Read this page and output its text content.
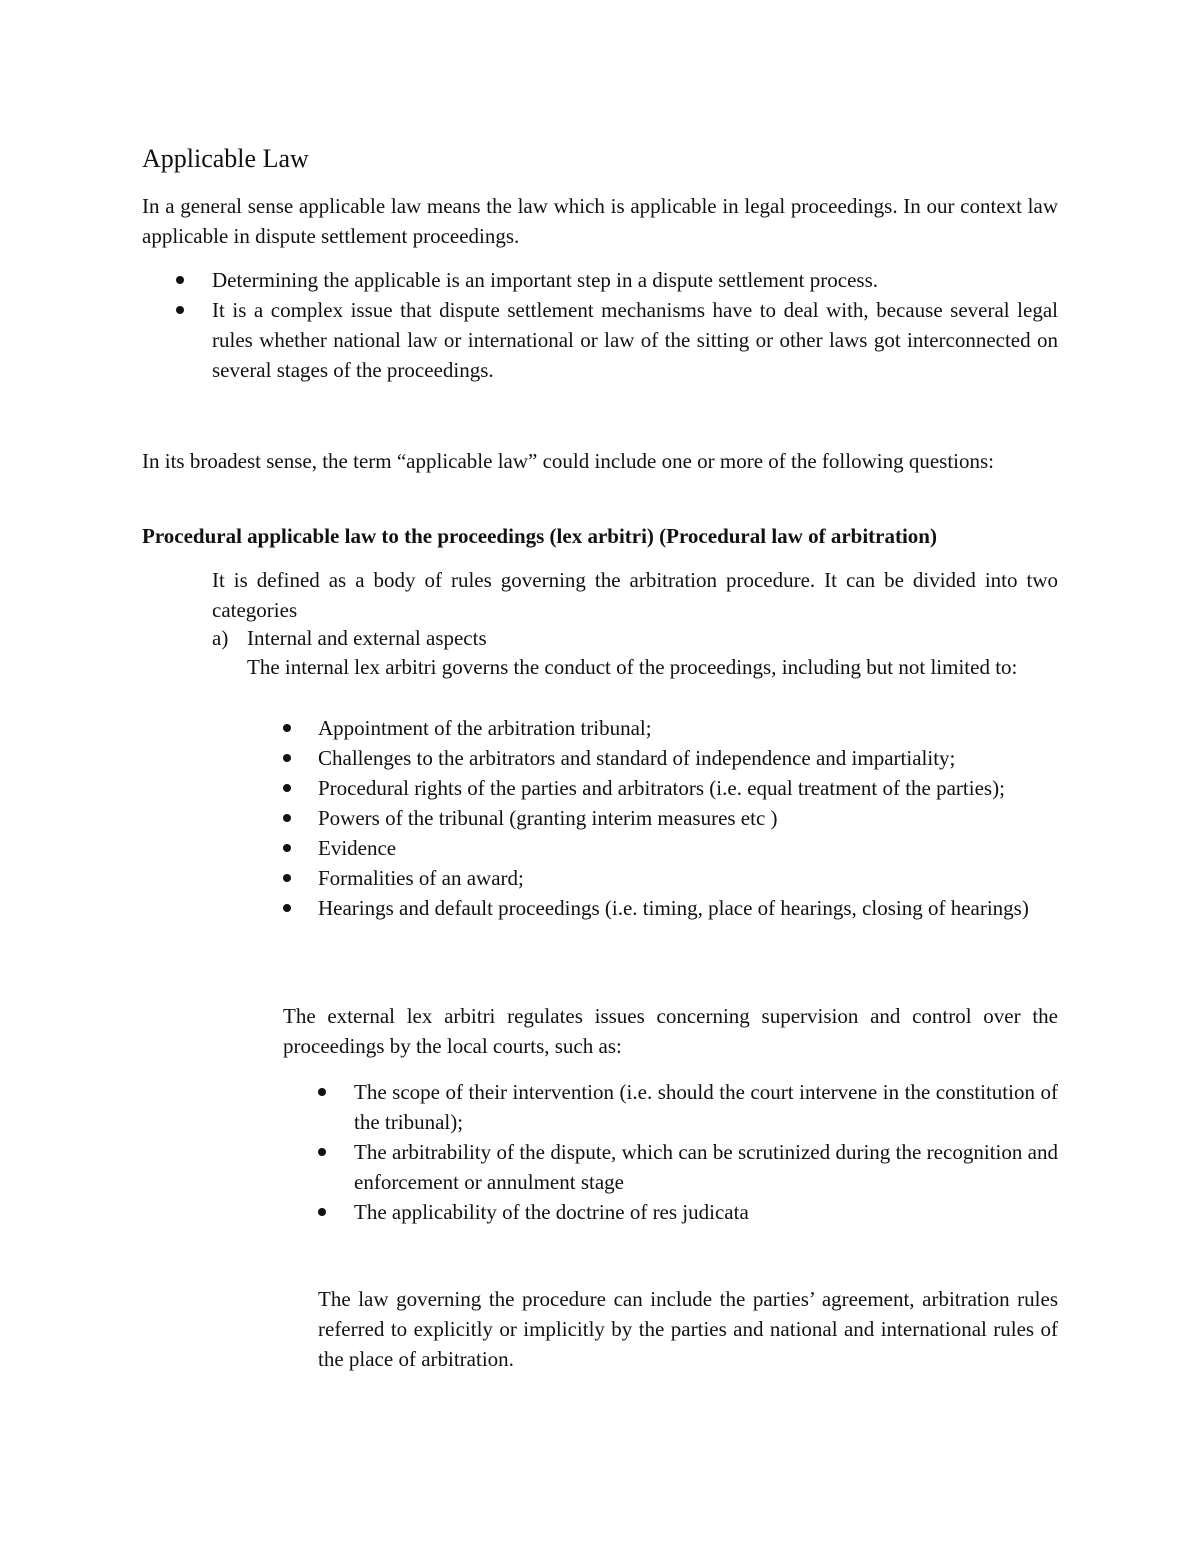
Applicable Law

In a general sense applicable law means the law which is applicable in legal proceedings. In our context law applicable in dispute settlement proceedings.

Determining the applicable is an important step in a dispute settlement process.
It is a complex issue that dispute settlement mechanisms have to deal with, because several legal rules whether national law or international or law of the sitting or other laws got interconnected on several stages of the proceedings.

In its broadest sense, the term “applicable law” could include one or more of the following questions:

Procedural applicable law to the proceedings (lex arbitri) (Procedural law of arbitration)

It is defined as a body of rules governing the arbitration procedure. It can be divided into two categories

a) Internal and external aspects

The internal lex arbitri governs the conduct of the proceedings, including but not limited to:

Appointment of the arbitration tribunal;
Challenges to the arbitrators and standard of independence and impartiality;
Procedural rights of the parties and arbitrators (i.e. equal treatment of the parties);
Powers of the tribunal (granting interim measures etc )
Evidence
Formalities of an award;
Hearings and default proceedings (i.e. timing, place of hearings, closing of hearings)

The external lex arbitri regulates issues concerning supervision and control over the proceedings by the local courts, such as:

The scope of their intervention (i.e. should the court intervene in the constitution of the tribunal);
The arbitrability of the dispute, which can be scrutinized during the recognition and enforcement or annulment stage
The applicability of the doctrine of res judicata

The law governing the procedure can include the parties’ agreement, arbitration rules referred to explicitly or implicitly by the parties and national and international rules of the place of arbitration.
